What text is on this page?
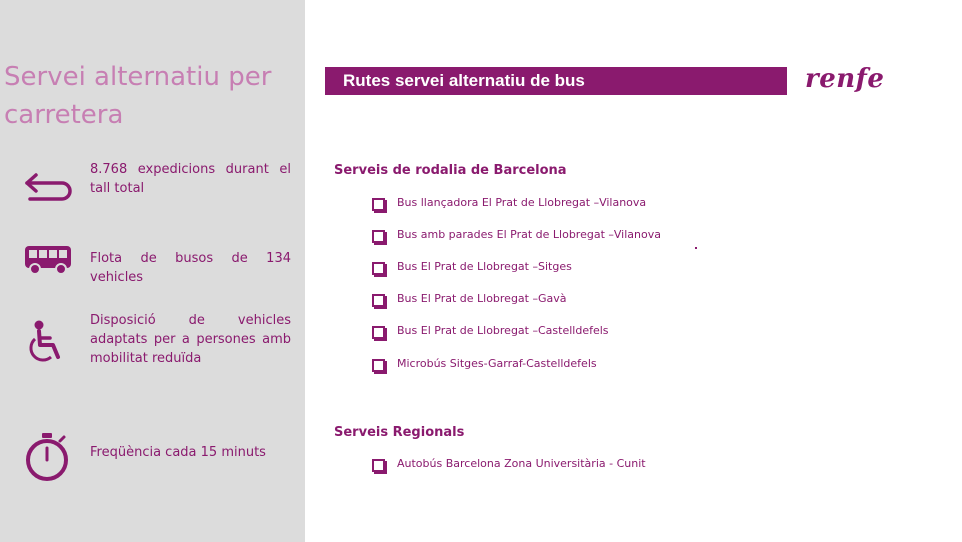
Servei alternatiu per carretera
8.768 expedicions durant el tall total
Flota de busos de 134 vehicles
Disposició de vehicles adaptats per a persones amb mobilitat reduïda
Freqüència cada 15 minuts
Rutes servei alternatiu de bus	renfe
Serveis de rodalia de Barcelona
Bus llançadora El Prat de Llobregat –Vilanova
Bus amb parades El Prat de Llobregat –Vilanova
Bus El Prat de Llobregat –Sitges
Bus El Prat de Llobregat –Gavà
Bus El Prat de Llobregat –Castelldefels
Microbús Sitges-Garraf-Castelldefels
Serveis Regionals
Autobús Barcelona Zona Universitària - Cunit
